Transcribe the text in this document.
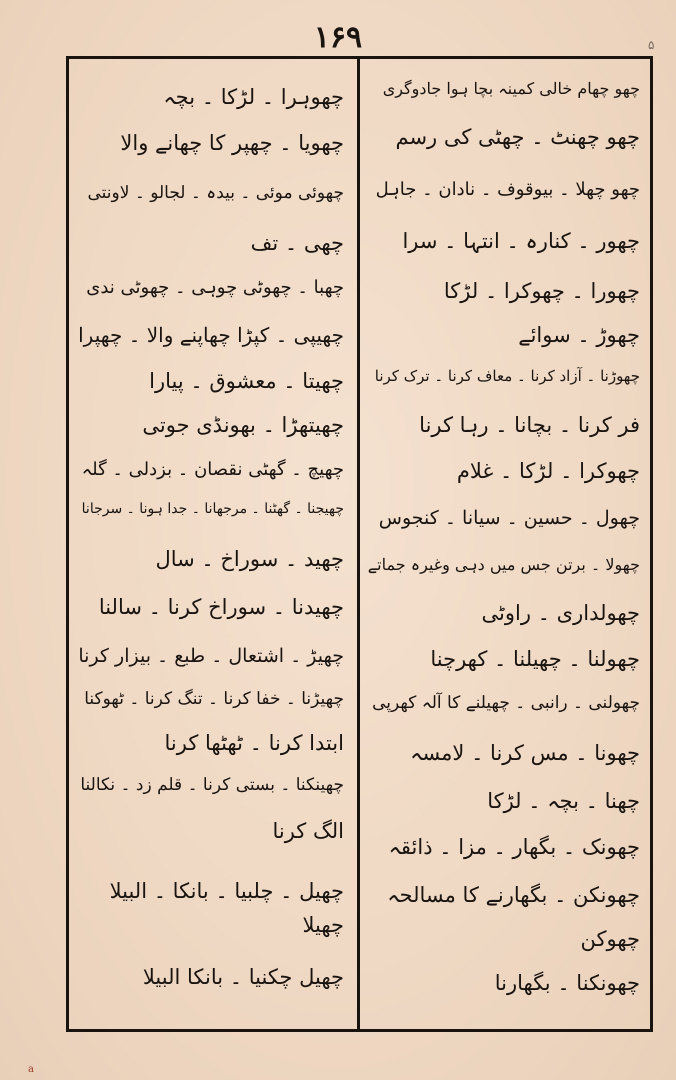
۱۶۹	۵
چھو چھام خالی کمینہ بچا ہوا جادوگری
چھو چھنٹ ۔ چھٹی کی رسم
چھو چھلا ۔ بیوقوف ۔ نادان ۔ جاہل
چھور ۔ کنارہ ۔ انتہا ۔ سرا
چھورا ۔ چھوکرا ۔ لڑکا
چھوڑ ۔ سوائے
چھوڑنا ۔ آزاد کرنا ۔ معاف کرنا ۔ ترک کرنا
فر کرنا ۔ بچانا ۔ رہا کرنا
چھوکرا ۔ لڑکا ۔ غلام
چھول ۔ حسین ۔ سیانا ۔ کنجوس
چھولا ۔ برتن جس میں دہی وغیرہ جماتے
چھولداری ۔ راوٹی
چھولنا ۔ چھیلنا ۔ کھرچنا
چھولنی ۔ رانبی ۔ چھیلنے کا آلہ کھرپی
چھونا ۔ مس کرنا ۔ لامسہ
چھنا ۔ بچہ ۔ لڑکا
چھونک ۔ بگھار ۔ مزا ۔ ذائقہ
چھونکن ۔ بگھارنے کا مسالحہ
چھوکن
چھونکنا ۔ بگھارنا
چھوہرا ۔ لڑکا ۔ بچہ
چھویا ۔ چھپر کا چھانے والا
چھوئی موئی ۔ بیدہ ۔ لجالو ۔ لاونتی
چھی ۔ تف
چھبا ۔ چھوٹی چوہی ۔ چھوٹی ندی
چھیپی ۔ کپڑا چھاپنے والا ۔ چھپرا
چھیتا ۔ معشوق ۔ پیارا
چھیتھڑا ۔ بھونڈی جوتی
چھیچ ۔ گھٹی نقصان ۔ بزدلی ۔ گلہ
چھیجنا ۔ گھٹنا ۔ مرجھانا ۔ جدا ہونا ۔ سرجانا
چھید ۔ سوراخ ۔ سال
چھیدنا ۔ سوراخ کرنا ۔ سالنا
چھیڑ ۔ اشتعال ۔ طبع ۔ بیزار کرنا
چھیڑنا ۔ خفا کرنا ۔ تنگ کرنا ۔ ٹھوکنا
ابتدا کرنا ۔ ٹھٹھا کرنا
چھینکنا ۔ بستی کرنا ۔ قلم زد ۔ نکالنا
الگ کرنا
چھیل ۔ چلبیا ۔ بانکا ۔ البیلا
چھیلا
چھیل چکنیا ۔ بانکا البیلا
a
